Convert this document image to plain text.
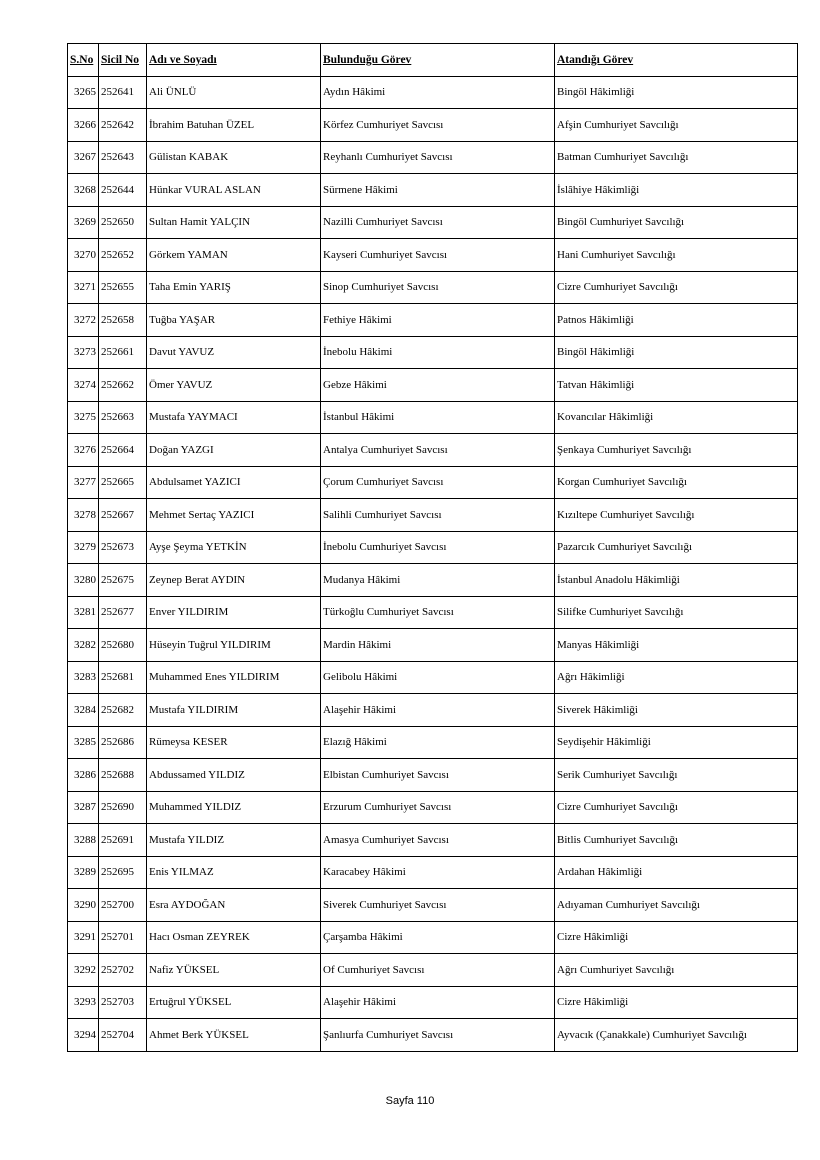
S.No	Sicil No	Adı ve Soyadı	Bulunduğu Görev	Atandığı Görev
3265	252641	Ali ÜNLÜ	Aydın Hâkimi	Bingöl Hâkimliği
3266	252642	İbrahim Batuhan ÜZEL	Körfez Cumhuriyet Savcısı	Afşin Cumhuriyet Savcılığı
3267	252643	Gülistan KABAK	Reyhanlı Cumhuriyet Savcısı	Batman Cumhuriyet Savcılığı
3268	252644	Hünkar VURAL ASLAN	Sürmene Hâkimi	İslâhiye Hâkimliği
3269	252650	Sultan Hamit YALÇIN	Nazilli Cumhuriyet Savcısı	Bingöl Cumhuriyet Savcılığı
3270	252652	Görkem YAMAN	Kayseri Cumhuriyet Savcısı	Hani Cumhuriyet Savcılığı
3271	252655	Taha Emin YARIŞ	Sinop Cumhuriyet Savcısı	Cizre Cumhuriyet Savcılığı
3272	252658	Tuğba YAŞAR	Fethiye Hâkimi	Patnos Hâkimliği
3273	252661	Davut YAVUZ	İnebolu Hâkimi	Bingöl Hâkimliği
3274	252662	Ömer YAVUZ	Gebze Hâkimi	Tatvan Hâkimliği
3275	252663	Mustafa YAYMACI	İstanbul Hâkimi	Kovancılar Hâkimliği
3276	252664	Doğan YAZGI	Antalya Cumhuriyet Savcısı	Şenkaya Cumhuriyet Savcılığı
3277	252665	Abdulsamet YAZICI	Çorum Cumhuriyet Savcısı	Korgan Cumhuriyet Savcılığı
3278	252667	Mehmet Sertaç YAZICI	Salihli Cumhuriyet Savcısı	Kızıltepe Cumhuriyet Savcılığı
3279	252673	Ayşe Şeyma YETKİN	İnebolu Cumhuriyet Savcısı	Pazarcık Cumhuriyet Savcılığı
3280	252675	Zeynep Berat AYDIN	Mudanya Hâkimi	İstanbul Anadolu Hâkimliği
3281	252677	Enver YILDIRIM	Türkoğlu Cumhuriyet Savcısı	Silifke Cumhuriyet Savcılığı
3282	252680	Hüseyin Tuğrul YILDIRIM	Mardin Hâkimi	Manyas Hâkimliği
3283	252681	Muhammed Enes YILDIRIM	Gelibolu Hâkimi	Ağrı Hâkimliği
3284	252682	Mustafa YILDIRIM	Alaşehir Hâkimi	Siverek Hâkimliği
3285	252686	Rümeysa KESER	Elazığ Hâkimi	Seydişehir Hâkimliği
3286	252688	Abdussamed YILDIZ	Elbistan Cumhuriyet Savcısı	Serik Cumhuriyet Savcılığı
3287	252690	Muhammed YILDIZ	Erzurum Cumhuriyet Savcısı	Cizre Cumhuriyet Savcılığı
3288	252691	Mustafa YILDIZ	Amasya Cumhuriyet Savcısı	Bitlis Cumhuriyet Savcılığı
3289	252695	Enis YILMAZ	Karacabey Hâkimi	Ardahan Hâkimliği
3290	252700	Esra AYDOĞAN	Siverek Cumhuriyet Savcısı	Adıyaman Cumhuriyet Savcılığı
3291	252701	Hacı Osman ZEYREK	Çarşamba Hâkimi	Cizre Hâkimliği
3292	252702	Nafiz YÜKSEL	Of Cumhuriyet Savcısı	Ağrı Cumhuriyet Savcılığı
3293	252703	Ertuğrul YÜKSEL	Alaşehir Hâkimi	Cizre Hâkimliği
3294	252704	Ahmet Berk YÜKSEL	Şanlıurfa Cumhuriyet Savcısı	Ayvacık (Çanakkale) Cumhuriyet Savcılığı
Sayfa 110
